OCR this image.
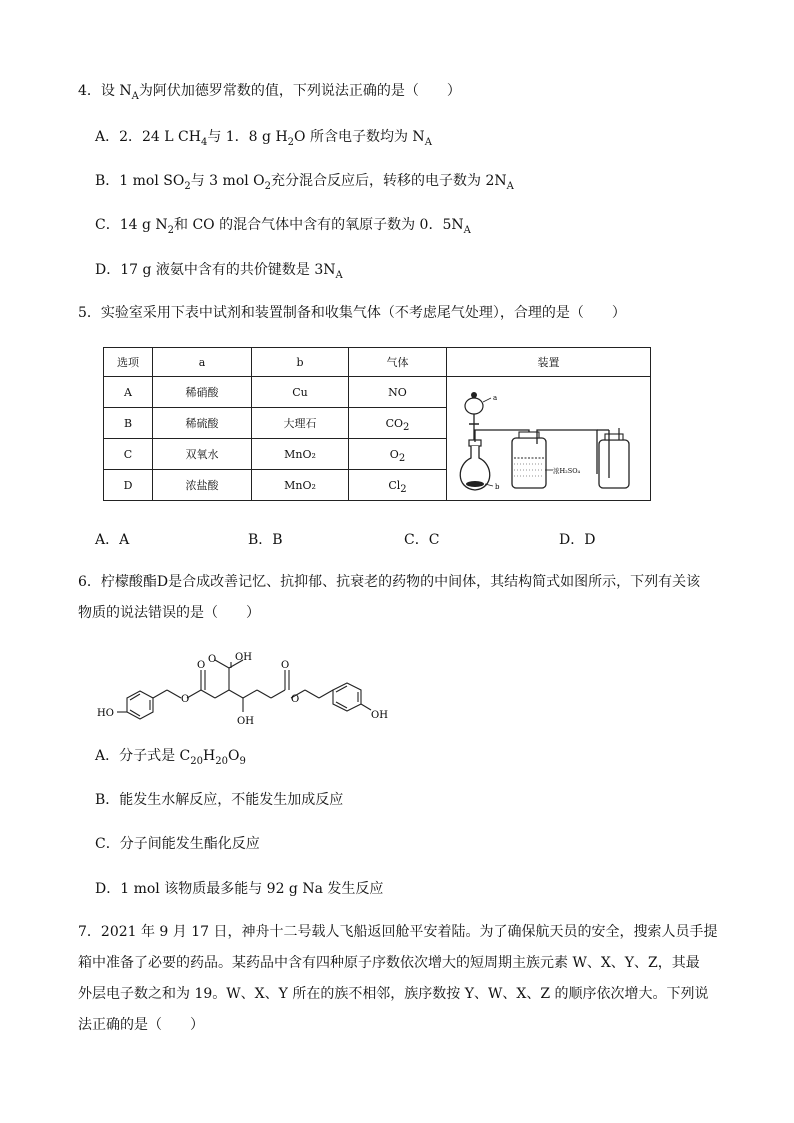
4．设 $N_A$为阿伏加德罗常数的值，下列说法正确的是（　　）
A．2．24 L $CH_4$与 1．8 g $H_2O$ 所含电子数均为 $N_A$
B．1 mol $SO_2$与 3 mol $O_2$充分混合反应后，转移的电子数为 $2N_A$
C．14 g $N_2$和 CO 的混合气体中含有的氧原子数为 0．$5N_A$
D．17 g 液氨中含有的共价键数是 $3N_A$
5．实验室采用下表中试剂和装置制备和收集气体（不考虑尾气处理），合理的是（　　）
选项	a	b	气体	装置
A	稀硝酸	Cu	NO	a
b
浓H₂SO₄

B	稀硫酸	大理石	$CO_2$
C	双氧水	MnO₂	$O_2$
D	浓盐酸	MnO₂	$Cl_2$
A．A	B．B	C．C	D．D
6．柠檬酸酯D是合成改善记忆、抗抑郁、抗衰老的药物的中间体，其结构简式如图所示，下列有关该
物质的说法错误的是（　　）
HO
O
O
OH
O
OH
O
O
OH
A．分子式是 $C_{20}H_{20}O_9$
B．能发生水解反应，不能发生加成反应
C．分子间能发生酯化反应
D．1 mol 该物质最多能与 92 g Na 发生反应
7．2021 年 9 月 17 日，神舟十二号载人飞船返回舱平安着陆。为了确保航天员的安全，搜索人员手提
箱中准备了必要的药品。某药品中含有四种原子序数依次增大的短周期主族元素 W、X、Y、Z，其最
外层电子数之和为 19。W、X、Y 所在的族不相邻，族序数按 Y、W、X、Z 的顺序依次增大。下列说
法正确的是（　　）
